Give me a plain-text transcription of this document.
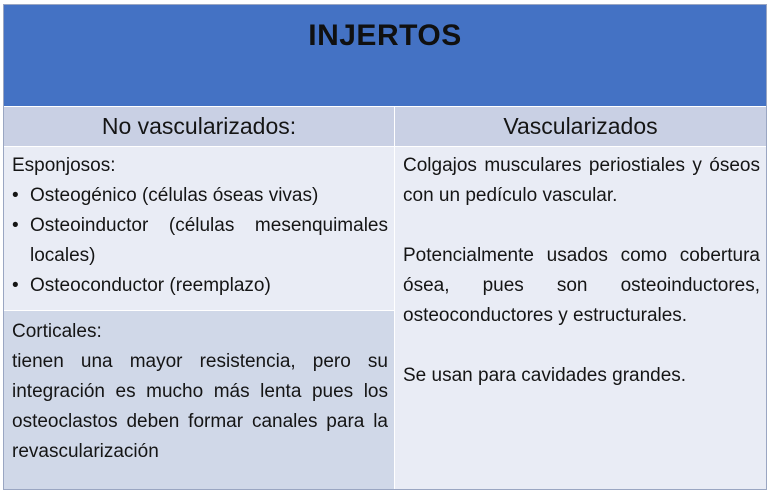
INJERTOS
No vascularizados:	Vascularizados
Esponjosos:
• Osteogénico (células óseas vivas)
• Osteoinductor (células mesenquimales locales)
• Osteoconductor (reemplazo)
Corticales:
tienen una mayor resistencia, pero su integración es mucho más lenta pues los osteoclastos deben formar canales para la revascularización
Colgajos musculares periostiales y óseos con un pedículo vascular.
Potencialmente usados como cobertura ósea, pues son osteoinductores, osteoconductores y estructurales.
Se usan para cavidades grandes.
